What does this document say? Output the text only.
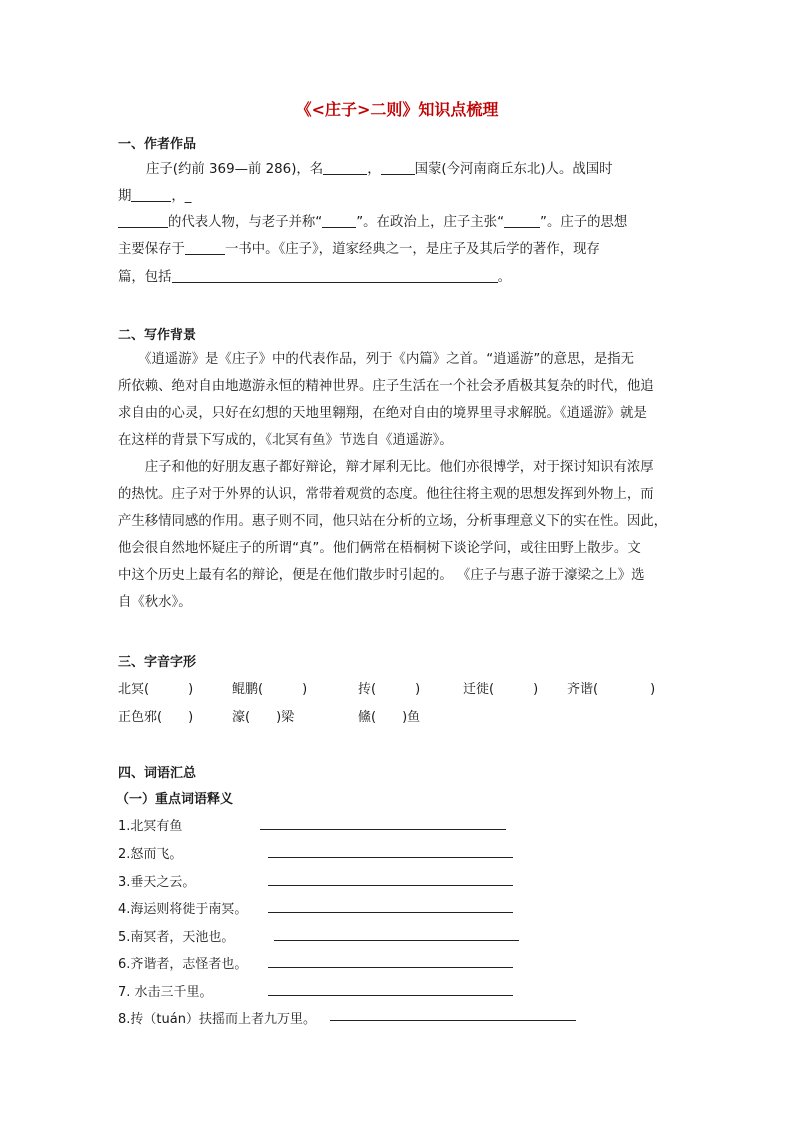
《<庄子>二则》知识点梳理
一、作者作品
庄子(约前 369—前 286)，名	，	国蒙(今河南商丘东北)人。战国时
期	，_
的代表人物，与老子并称“	”。在政治上，庄子主张“	”。庄子的思想
主要保存于	一书中。《庄子》，道家经典之一，是庄子及其后学的著作，现存
篇，包括	。
二、写作背景
　　《逍遥游》是《庄子》中的代表作品，列于《内篇》之首。“逍遥游”的意思，是指无
所依赖、绝对自由地遨游永恒的精神世界。庄子生活在一个社会矛盾极其复杂的时代，他追
求自由的心灵，只好在幻想的天地里翱翔，在绝对自由的境界里寻求解脱。《逍遥游》就是
在这样的背景下写成的，《北冥有鱼》节选自《逍遥游》。
　　庄子和他的好朋友惠子都好辩论，辩才犀利无比。他们亦很博学，对于探讨知识有浓厚
的热忱。庄子对于外界的认识，常带着观赏的态度。他往往将主观的思想发挥到外物上，而
产生移情同感的作用。惠子则不同，他只站在分析的立场，分析事理意义下的实在性。因此，
他会很自然地怀疑庄子的所谓“真”。他们俩常在梧桐树下谈论学问，或往田野上散步。文
中这个历史上最有名的辩论，便是在他们散步时引起的。 《庄子与惠子游于濠梁之上》选
自《秋水》。
三、字音字形
北冥(　　　)	鲲鹏(　　　)	抟(　　　)	迁徙(　　　) 齐谐(　　　　)
正色邪(　　)	濠(　　)梁	鯈(　　)鱼
四、词语汇总
（一）重点词语释义
1.北冥有鱼
2.怒而飞。
3.垂天之云。
4.海运则将徙于南冥。
5.南冥者，天池也。
6.齐谐者，志怪者也。
7. 水击三千里。
8.抟（tuán）扶摇而上者九万里。
